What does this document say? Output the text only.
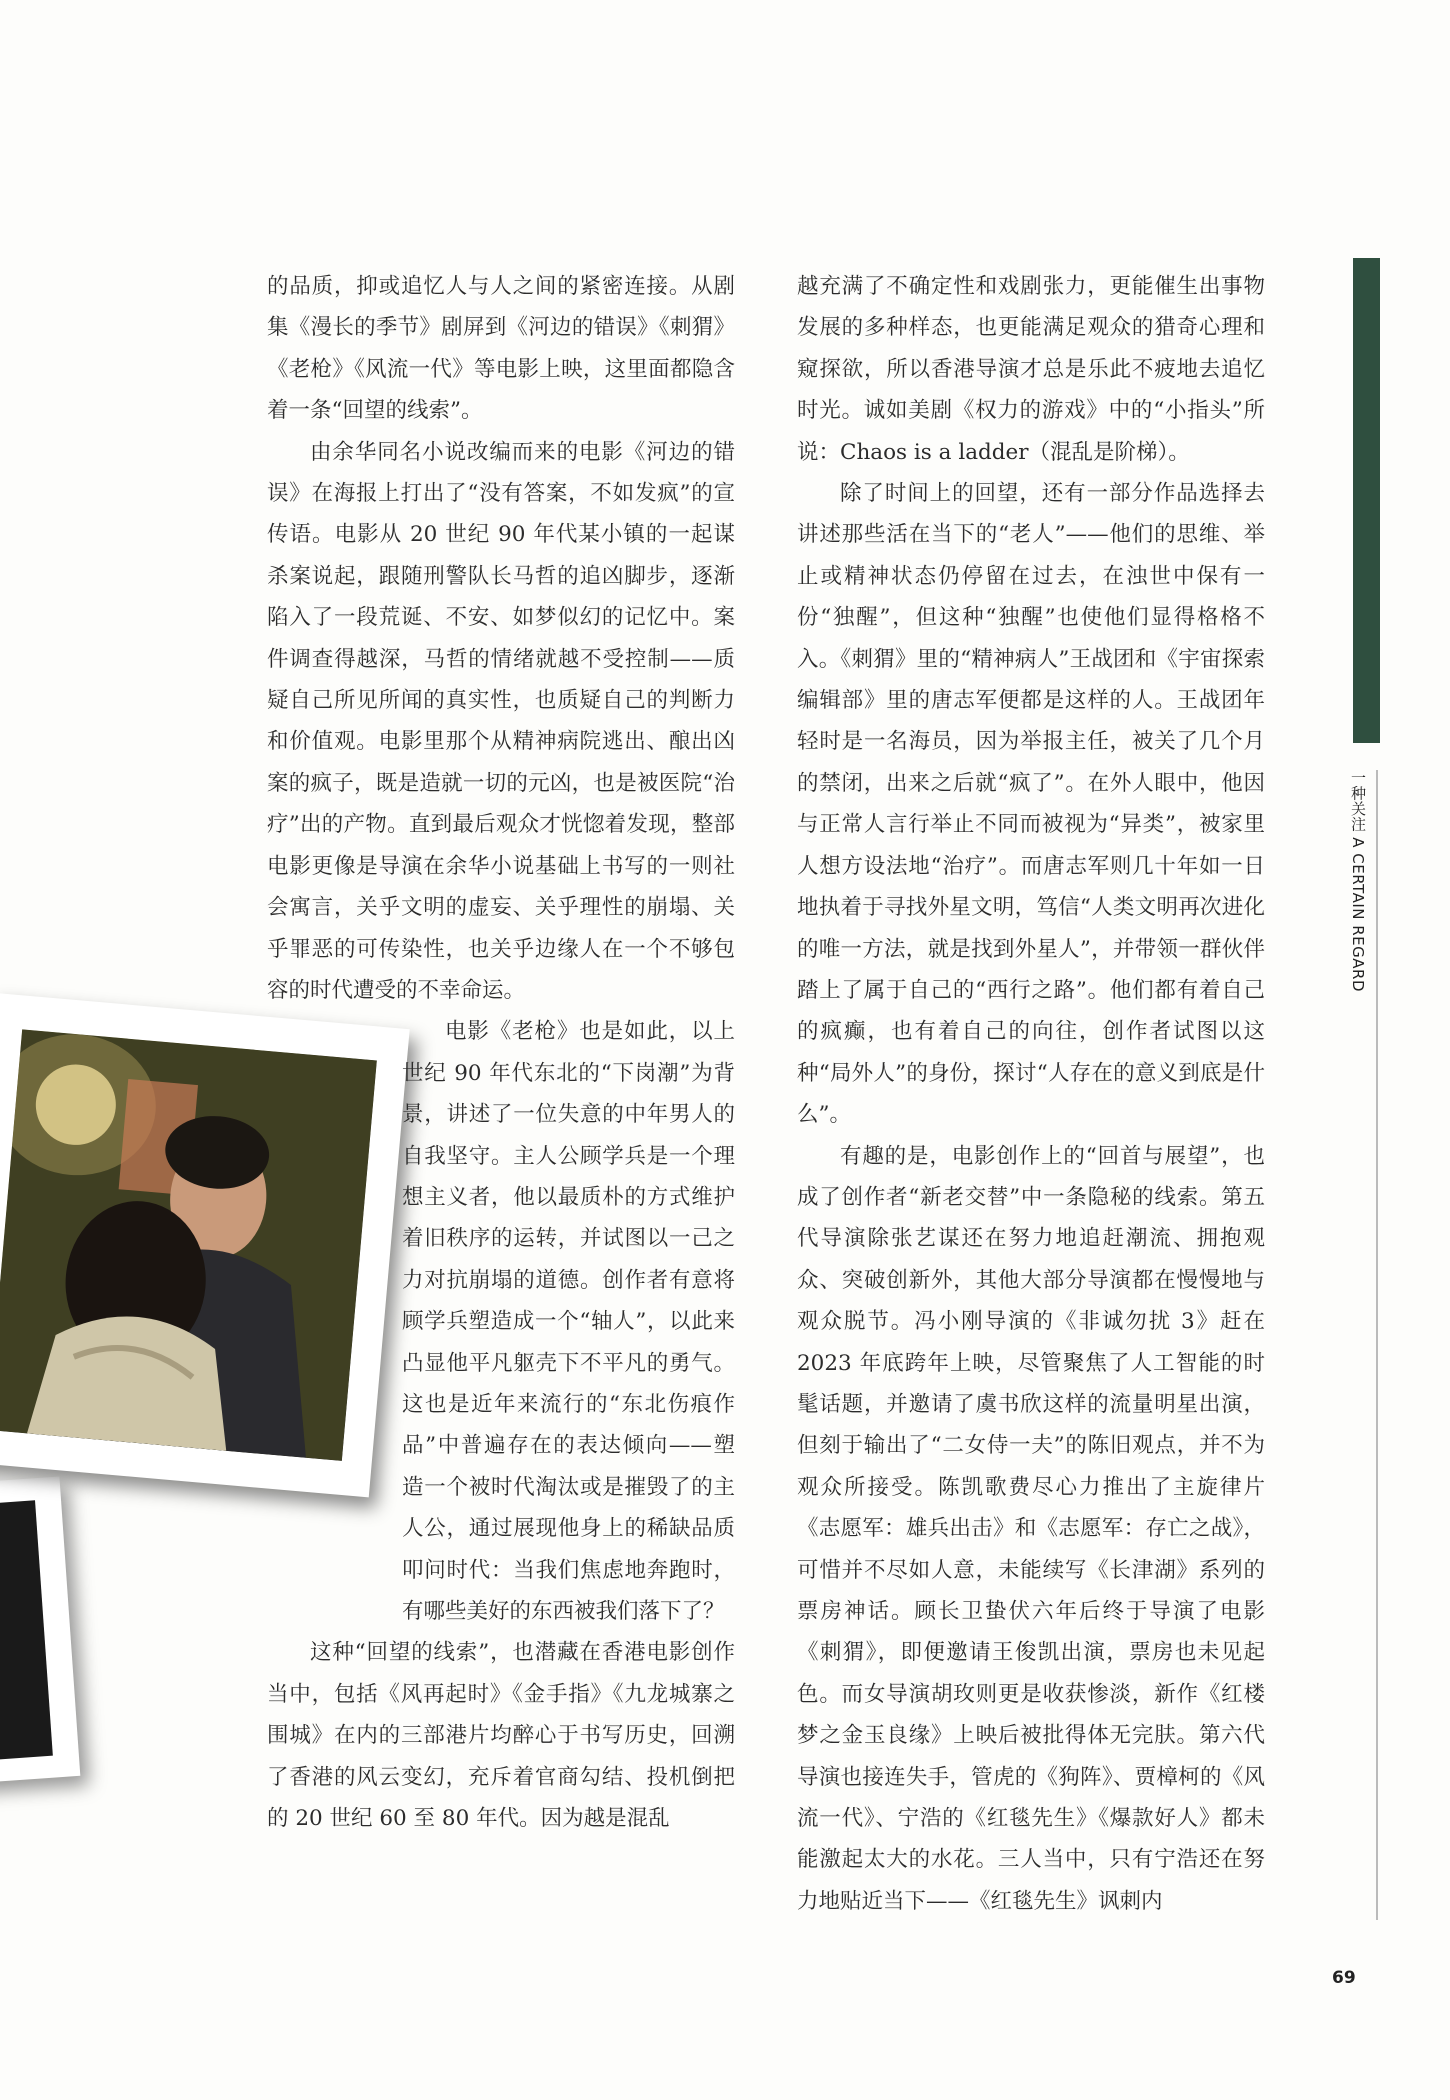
一种关注 A CERTAIN REGARD

的品质，抑或追忆人与人之间的紧密连接。从剧集《漫长的季节》剧屏到《河边的错误》《刺猬》《老枪》《风流一代》等电影上映，这里面都隐含着一条“回望的线索”。

由余华同名小说改编而来的电影《河边的错误》在海报上打出了“没有答案，不如发疯”的宣传语。电影从 20 世纪 90 年代某小镇的一起谋杀案说起，跟随刑警队长马哲的追凶脚步，逐渐陷入了一段荒诞、不安、如梦似幻的记忆中。案件调查得越深，马哲的情绪就越不受控制——质疑自己所见所闻的真实性，也质疑自己的判断力和价值观。电影里那个从精神病院逃出、酿出凶案的疯子，既是造就一切的元凶，也是被医院“治疗”出的产物。直到最后观众才恍惚着发现，整部电影更像是导演在余华小说基础上书写的一则社会寓言，关乎文明的虚妄、关乎理性的崩塌、关乎罪恶的可传染性，也关乎边缘人在一个不够包容的时代遭受的不幸命运。

电影《老枪》也是如此，以上世纪 90 年代东北的“下岗潮”为背景，讲述了一位失意的中年男人的自我坚守。主人公顾学兵是一个理想主义者，他以最质朴的方式维护着旧秩序的运转，并试图以一己之力对抗崩塌的道德。创作者有意将顾学兵塑造成一个“轴人”，以此来凸显他平凡躯壳下不平凡的勇气。这也是近年来流行的“东北伤痕作品”中普遍存在的表达倾向——塑造一个被时代淘汰或是摧毁了的主人公，通过展现他身上的稀缺品质叩问时代：当我们焦虑地奔跑时，有哪些美好的东西被我们落下了？

这种“回望的线索”，也潜藏在香港电影创作当中，包括《风再起时》《金手指》《九龙城寨之围城》在内的三部港片均醉心于书写历史，回溯了香港的风云变幻，充斥着官商勾结、投机倒把的 20 世纪 60 至 80 年代。因为越是混乱

越充满了不确定性和戏剧张力，更能催生出事物发展的多种样态，也更能满足观众的猎奇心理和窥探欲，所以香港导演才总是乐此不疲地去追忆时光。诚如美剧《权力的游戏》中的“小指头”所说：Chaos is a ladder（混乱是阶梯）。

除了时间上的回望，还有一部分作品选择去讲述那些活在当下的“老人”——他们的思维、举止或精神状态仍停留在过去，在浊世中保有一份“独醒”，但这种“独醒”也使他们显得格格不入。《刺猬》里的“精神病人”王战团和《宇宙探索编辑部》里的唐志军便都是这样的人。王战团年轻时是一名海员，因为举报主任，被关了几个月的禁闭，出来之后就“疯了”。在外人眼中，他因与正常人言行举止不同而被视为“异类”，被家里人想方设法地“治疗”。而唐志军则几十年如一日地执着于寻找外星文明，笃信“人类文明再次进化的唯一方法，就是找到外星人”，并带领一群伙伴踏上了属于自己的“西行之路”。他们都有着自己的疯癫，也有着自己的向往，创作者试图以这种“局外人”的身份，探讨“人存在的意义到底是什么”。

有趣的是，电影创作上的“回首与展望”，也成了创作者“新老交替”中一条隐秘的线索。第五代导演除张艺谋还在努力地追赶潮流、拥抱观众、突破创新外，其他大部分导演都在慢慢地与观众脱节。冯小刚导演的《非诚勿扰 3》赶在 2023 年底跨年上映，尽管聚焦了人工智能的时髦话题，并邀请了虞书欣这样的流量明星出演，但刻于输出了“二女侍一夫”的陈旧观点，并不为观众所接受。陈凯歌费尽心力推出了主旋律片《志愿军：雄兵出击》和《志愿军：存亡之战》，可惜并不尽如人意，未能续写《长津湖》系列的票房神话。顾长卫蛰伏六年后终于导演了电影《刺猬》，即便邀请王俊凯出演，票房也未见起色。而女导演胡玫则更是收获惨淡，新作《红楼梦之金玉良缘》上映后被批得体无完肤。第六代导演也接连失手，管虎的《狗阵》、贾樟柯的《风流一代》、宁浩的《红毯先生》《爆款好人》都未能激起太大的水花。三人当中，只有宁浩还在努力地贴近当下——《红毯先生》讽刺内

69
